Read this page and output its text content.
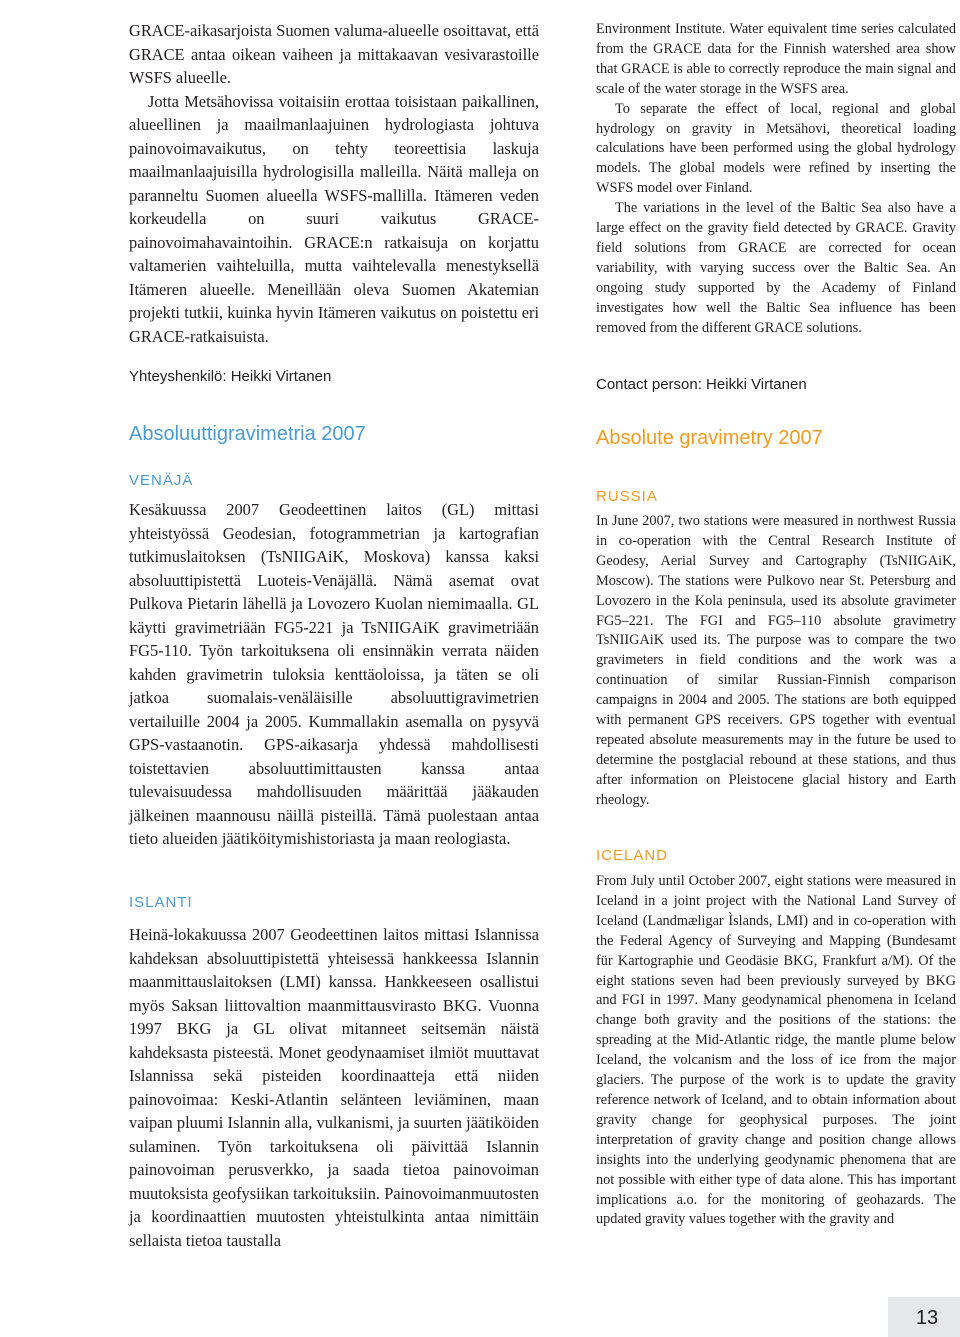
GRACE-aikasarjoista Suomen valuma-alueelle osoittavat, että GRACE antaa oikean vaiheen ja mittakaavan vesivarastoille WSFS alueelle.

Jotta Metsähovissa voitaisiin erottaa toisistaan paikallinen, alueellinen ja maailmanlaajuinen hydrologiasta johtuva painovoimavaikutus, on tehty teoreettisia laskuja maailmanlaajuisilla hydrologisilla malleilla. Näitä malleja on paranneltu Suomen alueella WSFS-mallilla. Itämeren veden korkeudella on suuri vaikutus GRACE-painovoimahavaintoihin. GRACE:n ratkaisuja on korjattu valtamerien vaihteluilla, mutta vaihtelevalla menestyksellä Itämeren alueelle. Meneillään oleva Suomen Akatemian projekti tutkii, kuinka hyvin Itämeren vaikutus on poistettu eri GRACE-ratkaisuista.

Yhteyshenkilö: Heikki Virtanen

Absoluuttigravimetria 2007
VENÄJÄ

Kesäkuussa 2007 Geodeettinen laitos (GL) mittasi yhteistyössä Geodesian, fotogrammetrian ja kartografian tutkimuslaitoksen (TsNIIGAiK, Moskova) kanssa kaksi absoluuttipistettä Luoteis-Venäjällä. Nämä asemat ovat Pulkova Pietarin lähellä ja Lovozero Kuolan niemimaalla. GL käytti gravimetriään FG5-221 ja TsNIIGAiK gravimetriään FG5-110. Työn tarkoituksena oli ensinnäkin verrata näiden kahden gravimetrin tuloksia kenttäoloissa, ja täten se oli jatkoa suomalais-venäläisille absoluuttigravimetrien vertailuille 2004 ja 2005. Kummallakin asemalla on pysyvä GPS-vastaanotin. GPS-aikasarja yhdessä mahdollisesti toistettavien absoluuttimittausten kanssa antaa tulevaisuudessa mahdollisuuden määrittää jääkauden jälkeinen maannousu näillä pisteillä. Tämä puolestaan antaa tieto alueiden jäätiköitymishistoriasta ja maan reologiasta.

ISLANTI

Heinä-lokakuussa 2007 Geodeettinen laitos mittasi Islannissa kahdeksan absoluuttipistettä yhteisessä hankkeessa Islannin maanmittauslaitoksen (LMI) kanssa. Hankkeeseen osallistui myös Saksan liittovaltion maanmittausvirasto BKG. Vuonna 1997 BKG ja GL olivat mitanneet seitsemän näistä kahdeksasta pisteestä. Monet geodynaamiset ilmiöt muuttavat Islannissa sekä pisteiden koordinaatteja että niiden painovoimaa: Keski-Atlantin selänteen leviäminen, maan vaipan pluumi Islannin alla, vulkanismi, ja suurten jäätiköiden sulaminen. Työn tarkoituksena oli päivittää Islannin painovoiman perusverkko, ja saada tietoa painovoiman muutoksista geofysiikan tarkoituksiin. Painovoimanmuutosten ja koordinaattien muutosten yhteistulkinta antaa nimittäin sellaista tietoa taustalla

Environment Institute. Water equivalent time series calculated from the GRACE data for the Finnish watershed area show that GRACE is able to correctly reproduce the main signal and scale of the water storage in the WSFS area.

To separate the effect of local, regional and global hydrology on gravity in Metsähovi, theoretical loading calculations have been performed using the global hydrology models. The global models were refined by inserting the WSFS model over Finland.

The variations in the level of the Baltic Sea also have a large effect on the gravity field detected by GRACE. Gravity field solutions from GRACE are corrected for ocean variability, with varying success over the Baltic Sea. An ongoing study supported by the Academy of Finland investigates how well the Baltic Sea influence has been removed from the different GRACE solutions.

Contact person: Heikki Virtanen

Absolute gravimetry 2007
RUSSIA

In June 2007, two stations were measured in northwest Russia in co-operation with the Central Research Institute of Geodesy, Aerial Survey and Cartography (TsNIIGAiK, Moscow). The stations were Pulkovo near St. Petersburg and Lovozero in the Kola peninsula, used its absolute gravimeter FG5–221. The FGI and FG5–110 absolute gravimetry TsNIIGAiK used its. The purpose was to compare the two gravimeters in field conditions and the work was a continuation of similar Russian-Finnish comparison campaigns in 2004 and 2005. The stations are both equipped with permanent GPS receivers. GPS together with eventual repeated absolute measurements may in the future be used to determine the postglacial rebound at these stations, and thus after information on Pleistocene glacial history and Earth rheology.

ICELAND

From July until October 2007, eight stations were measured in Iceland in a joint project with the National Land Survey of Iceland (Landmæligar Ìslands, LMI) and in co-operation with the Federal Agency of Surveying and Mapping (Bundesamt für Kartographie und Geodäsie BKG, Frankfurt a/M). Of the eight stations seven had been previously surveyed by BKG and FGI in 1997. Many geodynamical phenomena in Iceland change both gravity and the positions of the stations: the spreading at the Mid-Atlantic ridge, the mantle plume below Iceland, the volcanism and the loss of ice from the major glaciers. The purpose of the work is to update the gravity reference network of Iceland, and to obtain information about gravity change for geophysical purposes. The joint interpretation of gravity change and position change allows insights into the underlying geodynamic phenomena that are not possible with either type of data alone. This has important implications a.o. for the monitoring of geohazards. The updated gravity values together with the gravity and

13
